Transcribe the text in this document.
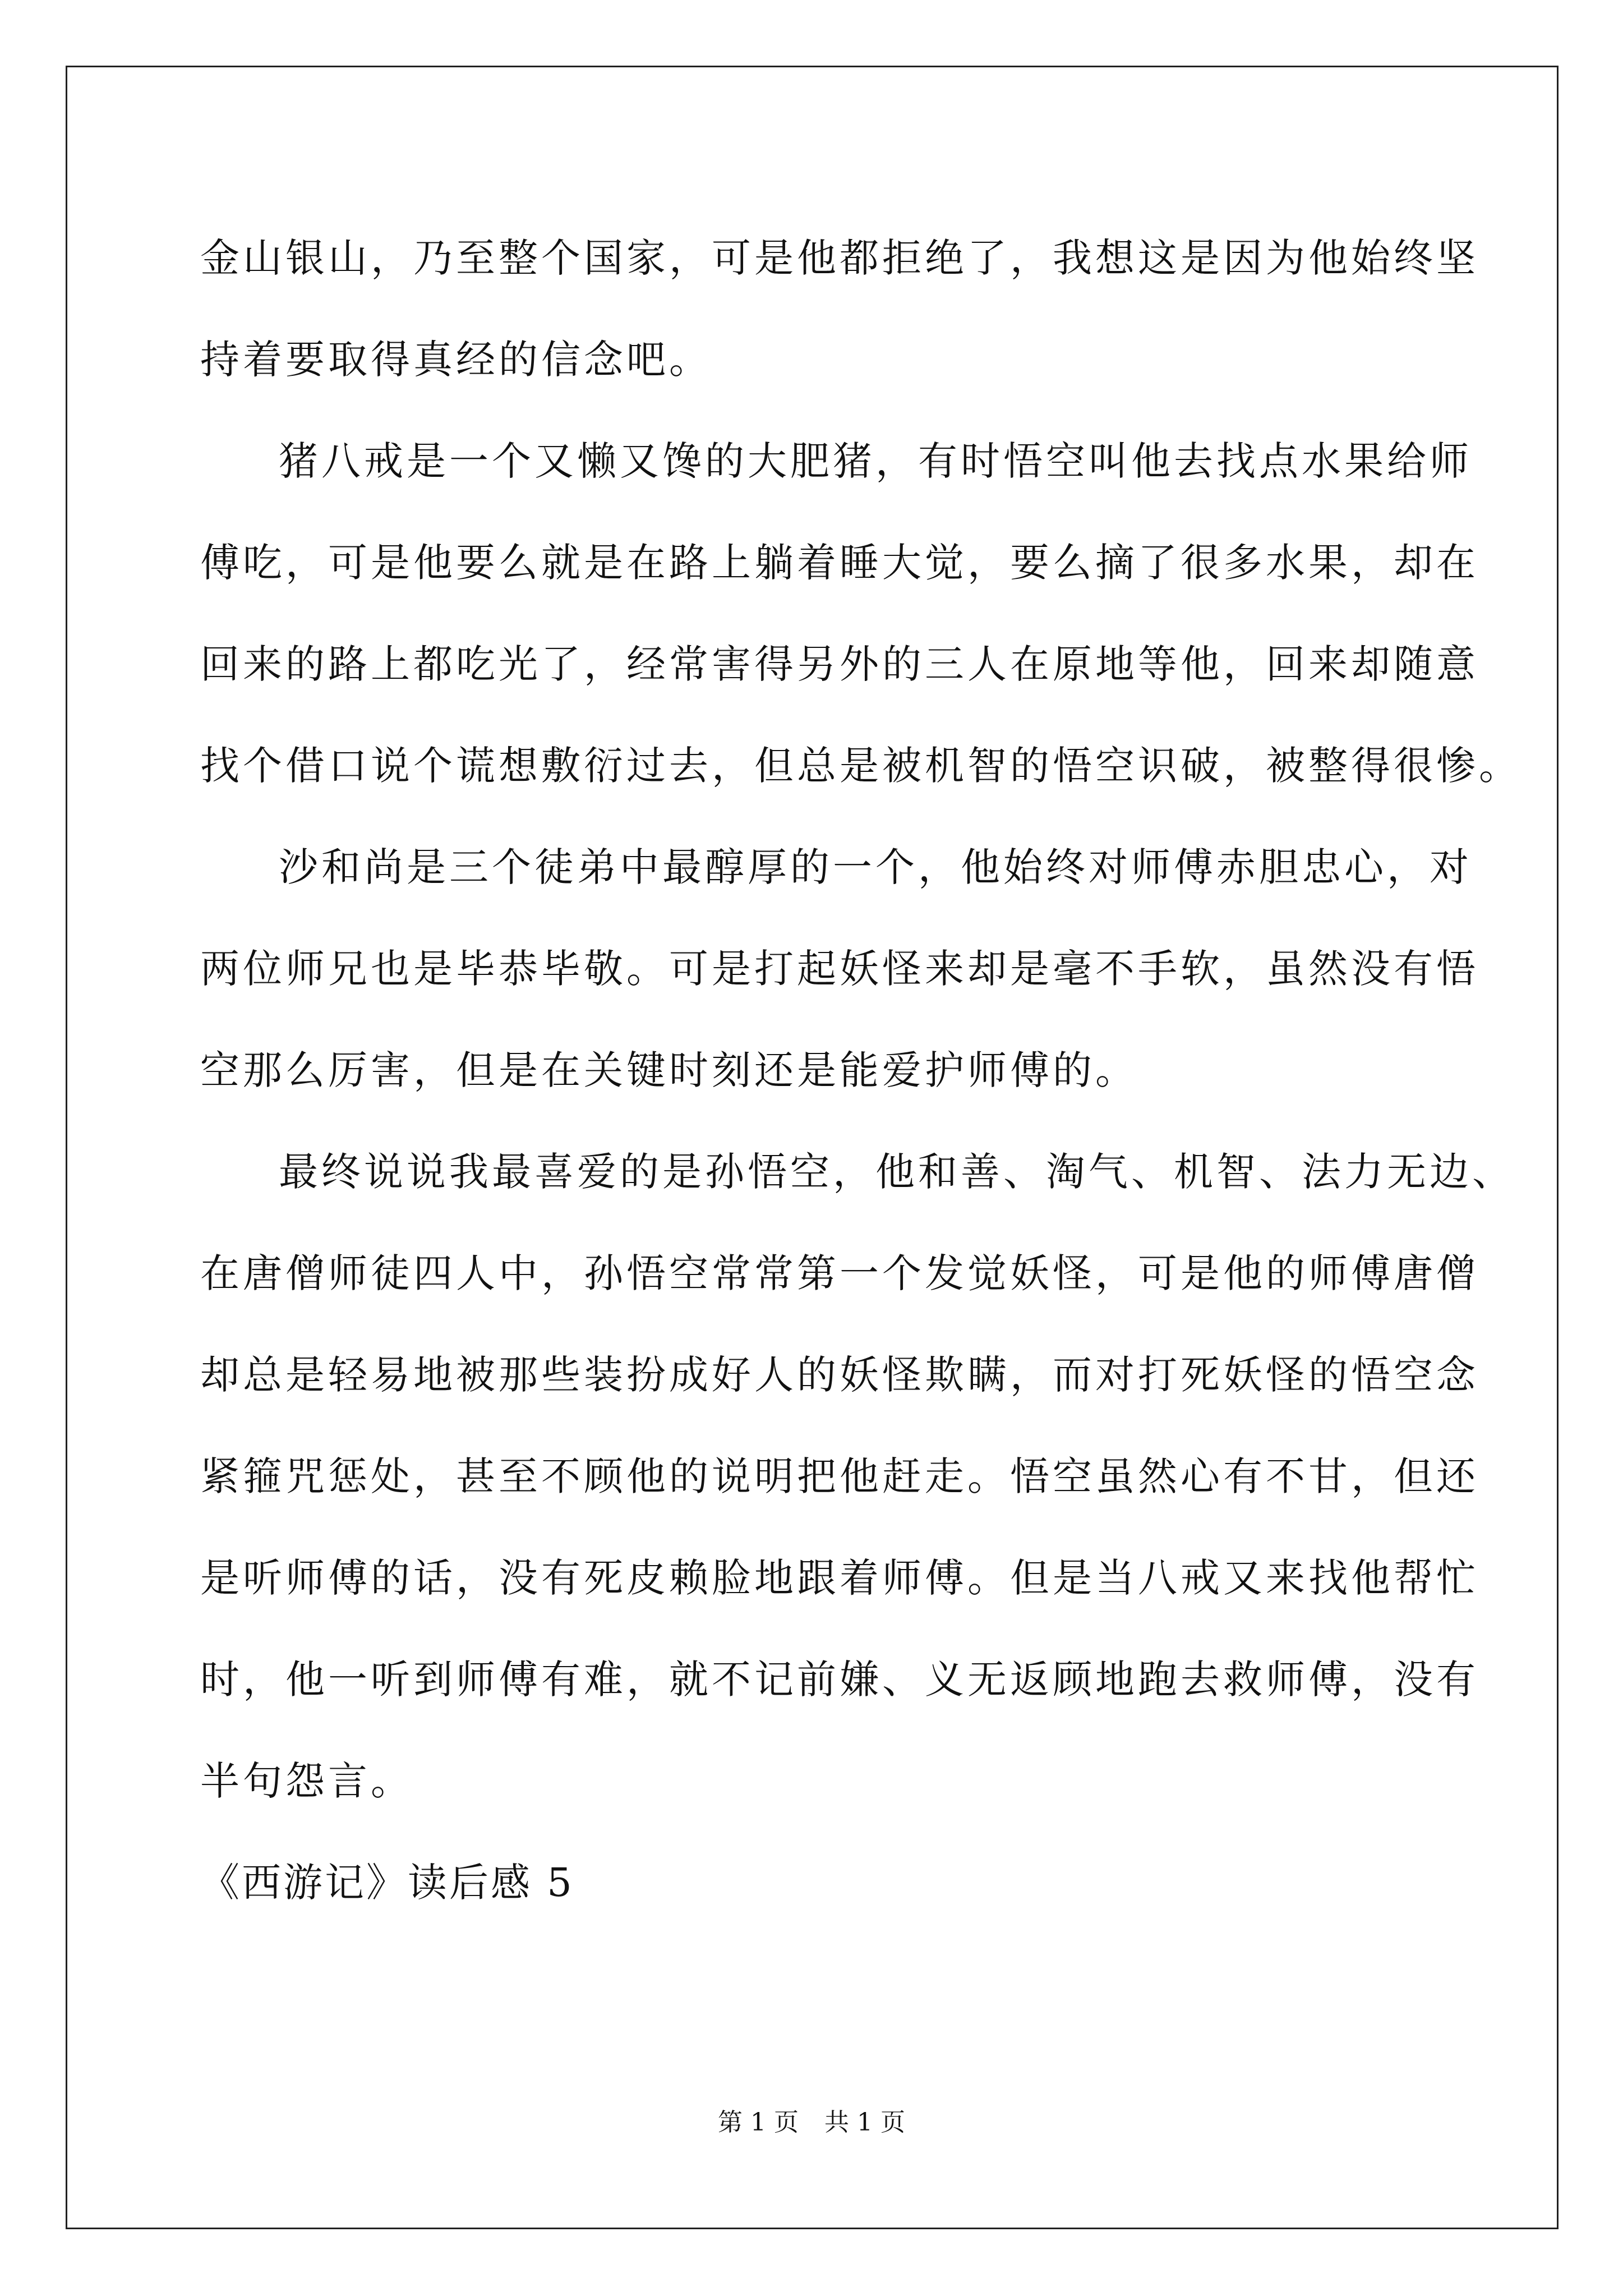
金山银山，乃至整个国家，可是他都拒绝了，我想这是因为他始终坚
持着要取得真经的信念吧。
猪八戒是一个又懒又馋的大肥猪，有时悟空叫他去找点水果给师
傅吃，可是他要么就是在路上躺着睡大觉，要么摘了很多水果，却在
回来的路上都吃光了，经常害得另外的三人在原地等他，回来却随意
找个借口说个谎想敷衍过去，但总是被机智的悟空识破，被整得很惨。
沙和尚是三个徒弟中最醇厚的一个，他始终对师傅赤胆忠心，对
两位师兄也是毕恭毕敬。可是打起妖怪来却是毫不手软，虽然没有悟
空那么厉害，但是在关键时刻还是能爱护师傅的。
最终说说我最喜爱的是孙悟空，他和善、淘气、机智、法力无边、
在唐僧师徒四人中，孙悟空常常第一个发觉妖怪，可是他的师傅唐僧
却总是轻易地被那些装扮成好人的妖怪欺瞒，而对打死妖怪的悟空念
紧箍咒惩处，甚至不顾他的说明把他赶走。悟空虽然心有不甘，但还
是听师傅的话，没有死皮赖脸地跟着师傅。但是当八戒又来找他帮忙
时，他一听到师傅有难，就不记前嫌、义无返顾地跑去救师傅，没有
半句怨言。
《西游记》读后感 5
第 1 页 共 1 页
